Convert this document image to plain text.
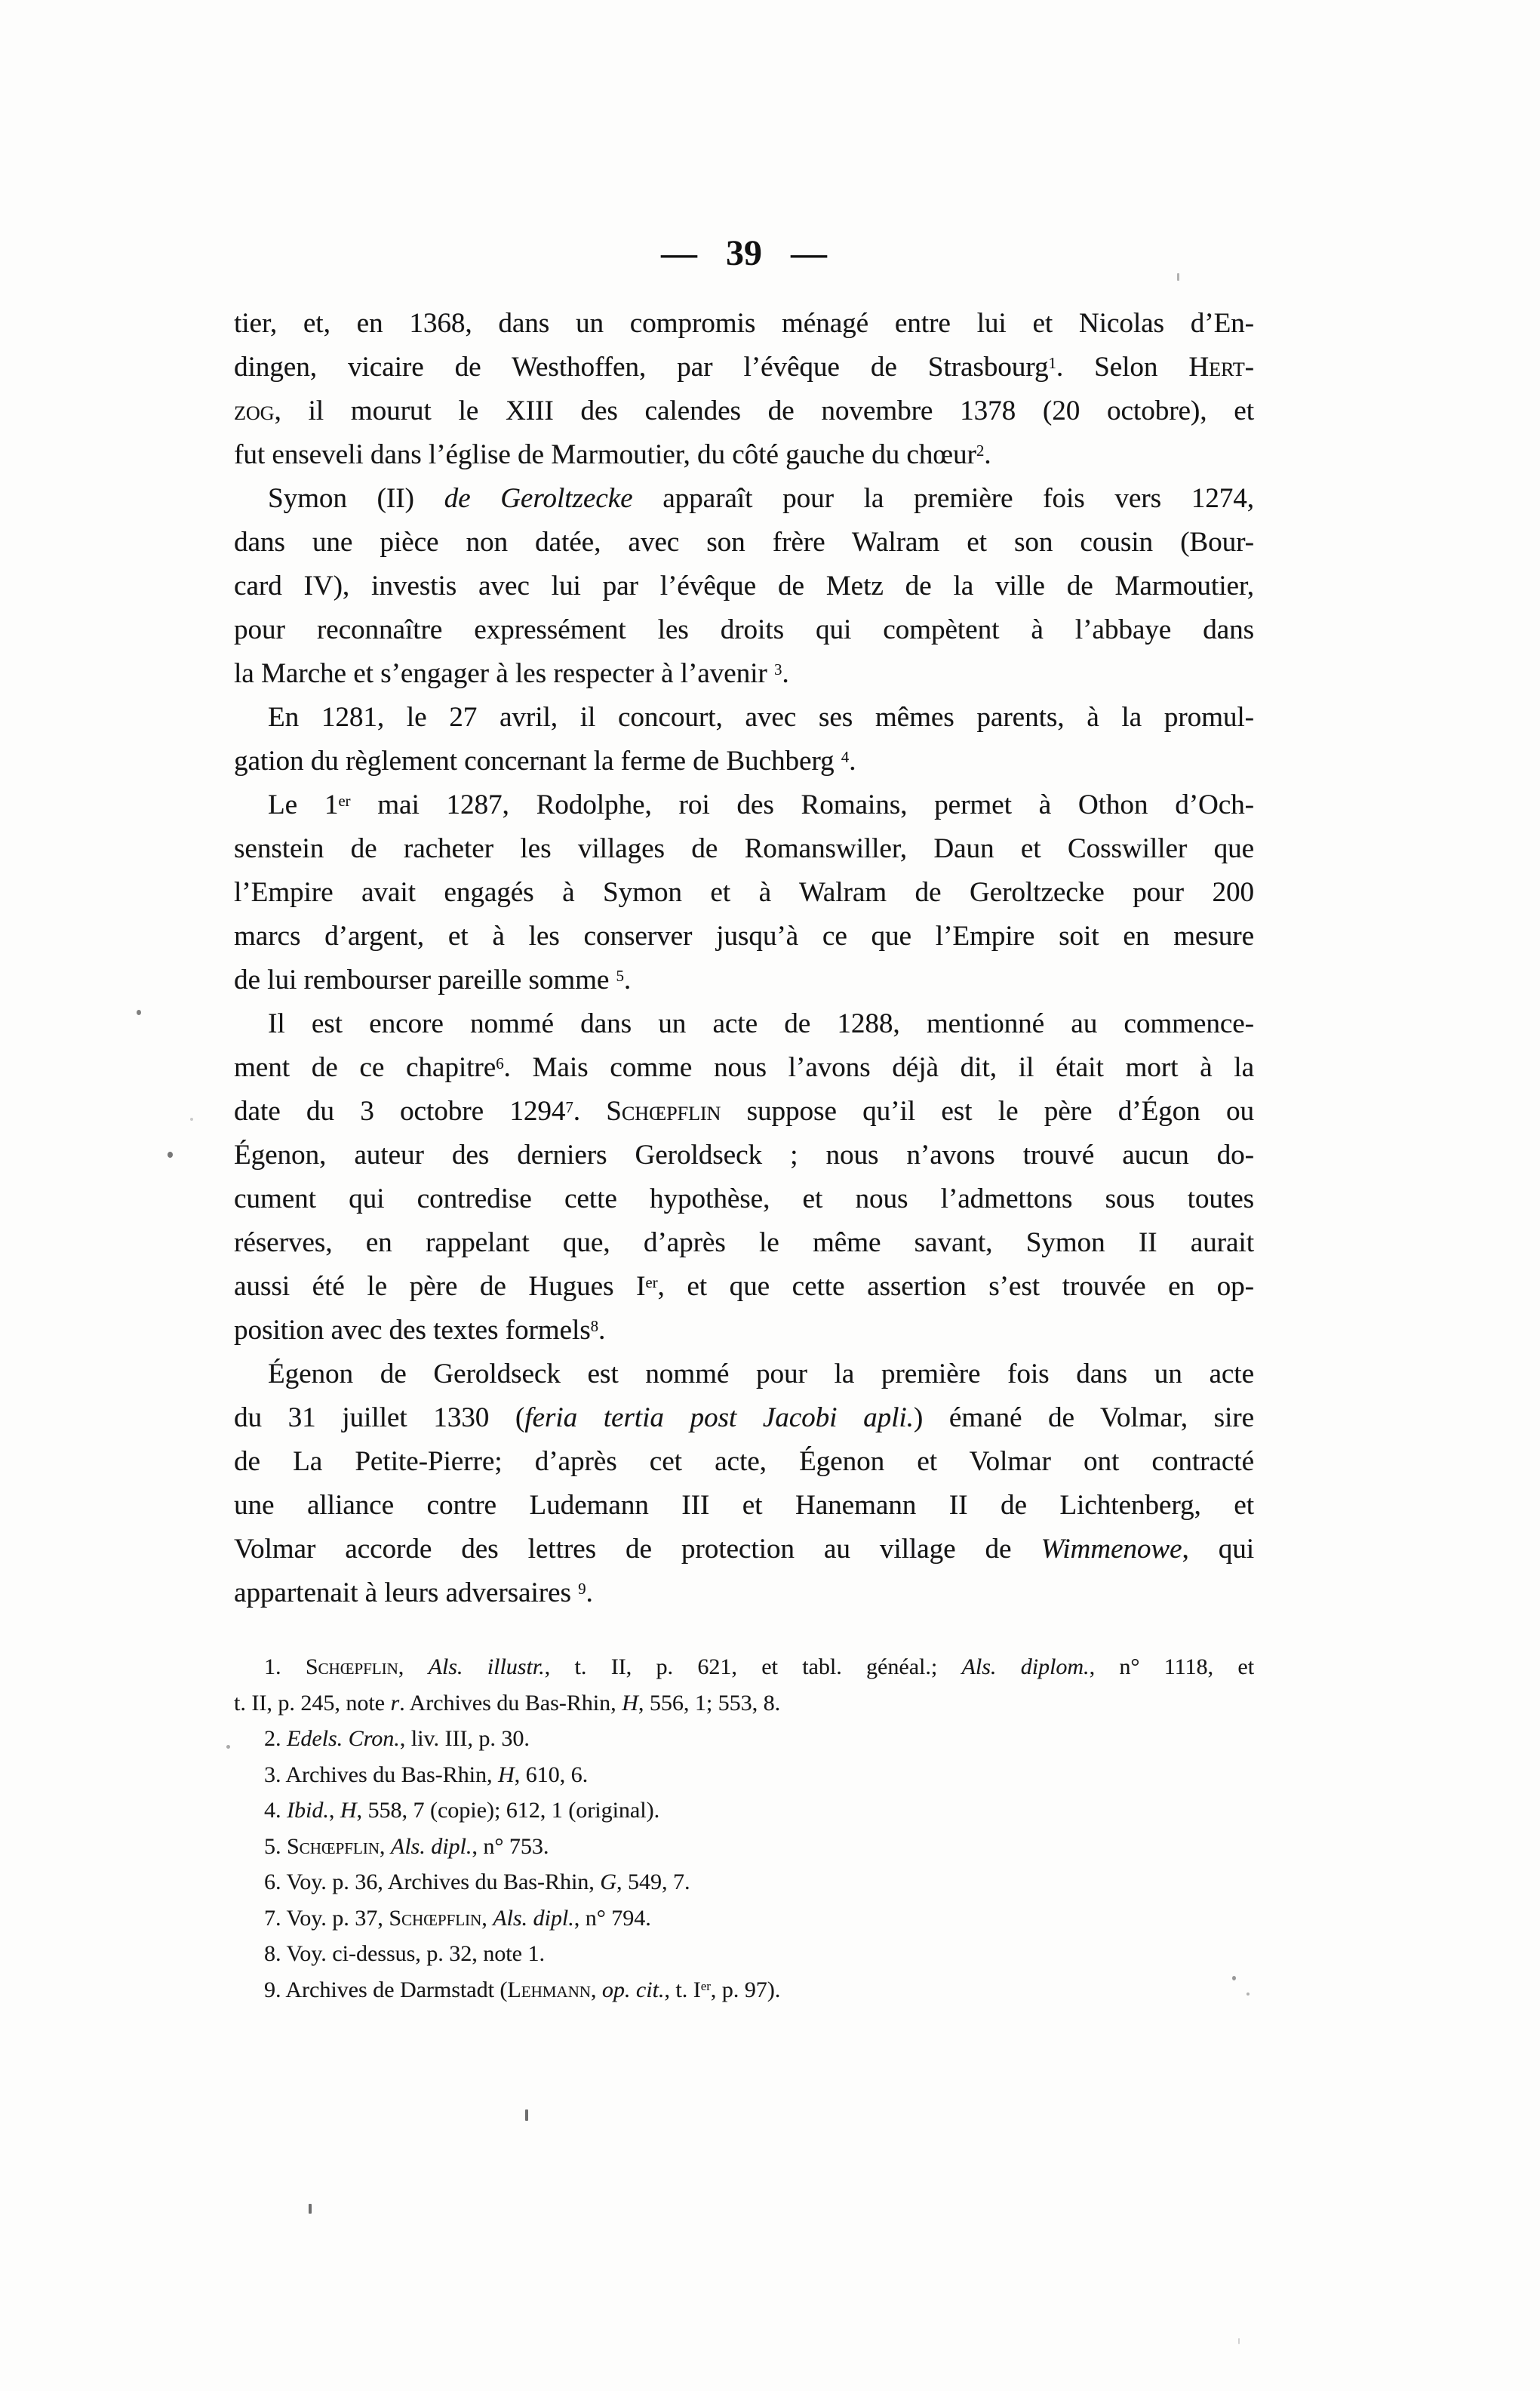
— 39 —
tier, et, en 1368, dans un compromis ménagé entre lui et Nicolas d’En-
dingen, vicaire de Westhoffen, par l’évêque de Strasbourg$^1$. Selon Hert-
zog, il mourut le XIII des calendes de novembre 1378 (20 octobre), et
fut enseveli dans l’église de Marmoutier, du côté gauche du chœur$^2$.
Symon (II) de Geroltzecke apparaît pour la première fois vers 1274,
dans une pièce non datée, avec son frère Walram et son cousin (Bour-
card IV), investis avec lui par l’évêque de Metz de la ville de Marmoutier,
pour reconnaître expressément les droits qui compètent à l’abbaye dans
la Marche et s’engager à les respecter à l’avenir $^3$.
En 1281, le 27 avril, il concourt, avec ses mêmes parents, à la promul-
gation du règlement concernant la ferme de Buchberg $^4$.
Le 1er mai 1287, Rodolphe, roi des Romains, permet à Othon d’Och-
senstein de racheter les villages de Romanswiller, Daun et Cosswiller que
l’Empire avait engagés à Symon et à Walram de Geroltzecke pour 200
marcs d’argent, et à les conserver jusqu’à ce que l’Empire soit en mesure
de lui rembourser pareille somme $^5$.
Il est encore nommé dans un acte de 1288, mentionné au commence-
ment de ce chapitre$^6$. Mais comme nous l’avons déjà dit, il était mort à la
date du 3 octobre 1294$^7$. Schœpflin suppose qu’il est le père d’Égon ou
Égenon, auteur des derniers Geroldseck ; nous n’avons trouvé aucun do-
cument qui contredise cette hypothèse, et nous l’admettons sous toutes
réserves, en rappelant que, d’après le même savant, Symon II aurait
aussi été le père de Hugues Ier, et que cette assertion s’est trouvée en op-
position avec des textes formels$^8$.
Égenon de Geroldseck est nommé pour la première fois dans un acte
du 31 juillet 1330 (feria tertia post Jacobi apli.) émané de Volmar, sire
de La Petite-Pierre; d’après cet acte, Égenon et Volmar ont contracté
une alliance contre Ludemann III et Hanemann II de Lichtenberg, et
Volmar accorde des lettres de protection au village de Wimmenowe, qui
appartenait à leurs adversaires $^9$.
1. Schœpflin, Als. illustr., t. II, p. 621, et tabl. généal.; Als. diplom., n° 1118, et
t. II, p. 245, note r. Archives du Bas-Rhin, H, 556, 1; 553, 8.
2. Edels. Cron., liv. III, p. 30.
3. Archives du Bas-Rhin, H, 610, 6.
4. Ibid., H, 558, 7 (copie); 612, 1 (original).
5. Schœpflin, Als. dipl., n° 753.
6. Voy. p. 36, Archives du Bas-Rhin, G, 549, 7.
7. Voy. p. 37, Schœpflin, Als. dipl., n° 794.
8. Voy. ci-dessus, p. 32, note 1.
9. Archives de Darmstadt (Lehmann, op. cit., t. Ier, p. 97).
